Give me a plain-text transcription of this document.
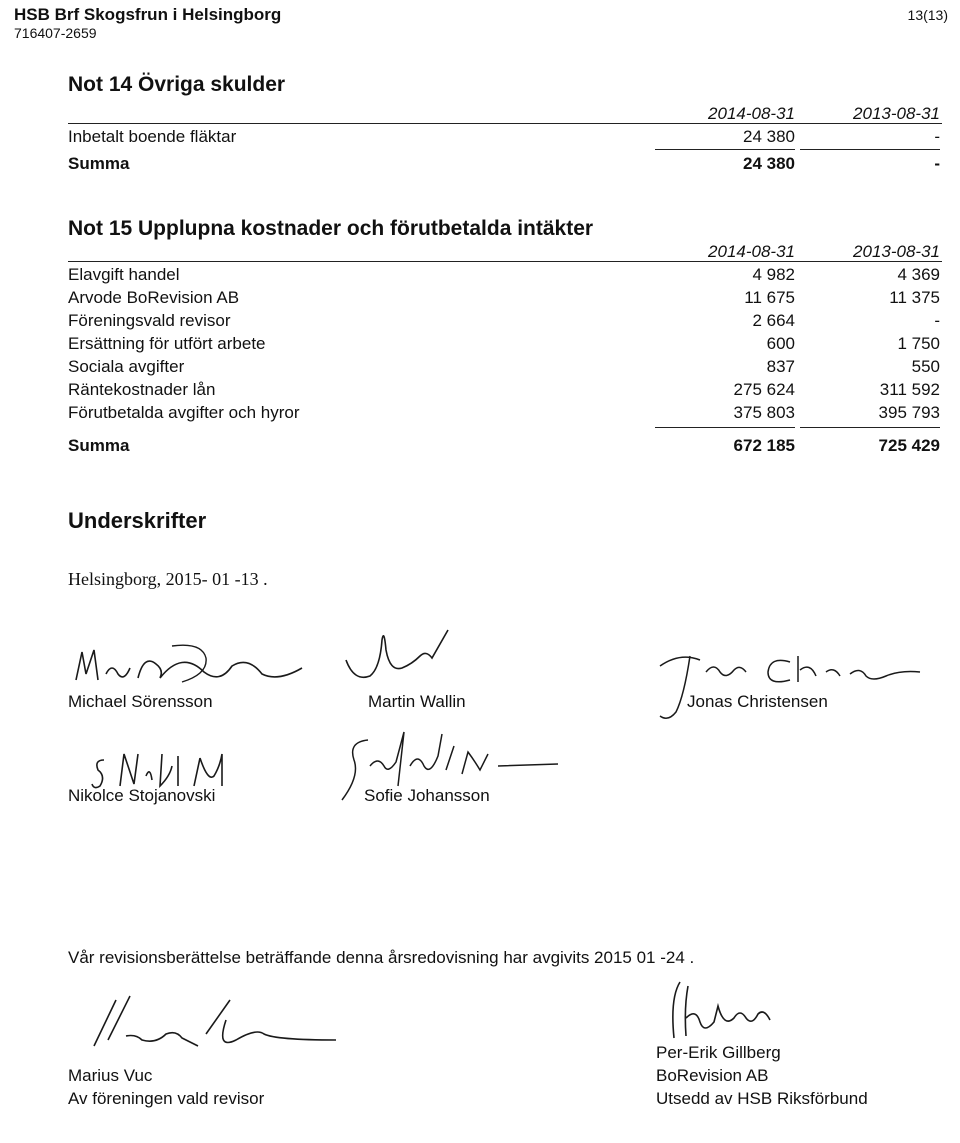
HSB Brf Skogsfrun i Helsingborg
716407-2659
13(13)
Not 14 Övriga skulder
2014-08-31	2013-08-31
Inbetalt boende fläktar	24 380	-
Summa	24 380	-
Not 15 Upplupna kostnader och förutbetalda intäkter
2014-08-31	2013-08-31
Elavgift handel	4 982	4 369
Arvode BoRevision AB	11 675	11 375
Föreningsvald revisor	2 664	-
Ersättning för utfört arbete	600	1 750
Sociala avgifter	837	550
Räntekostnader lån	275 624	311 592
Förutbetalda avgifter och hyror	375 803	395 793
Summa	672 185	725 429
Underskrifter
Helsingborg, 2015- 01 -13 .
Michael Sörensson	Martin Wallin	Jonas Christensen
Nikolce Stojanovski	Sofie Johansson
Vår revisionsberättelse beträffande denna årsredovisning har avgivits 2015 01 -24 .
Marius Vuc
Av föreningen vald revisor
Per-Erik Gillberg
BoRevision AB
Utsedd av HSB Riksförbund
